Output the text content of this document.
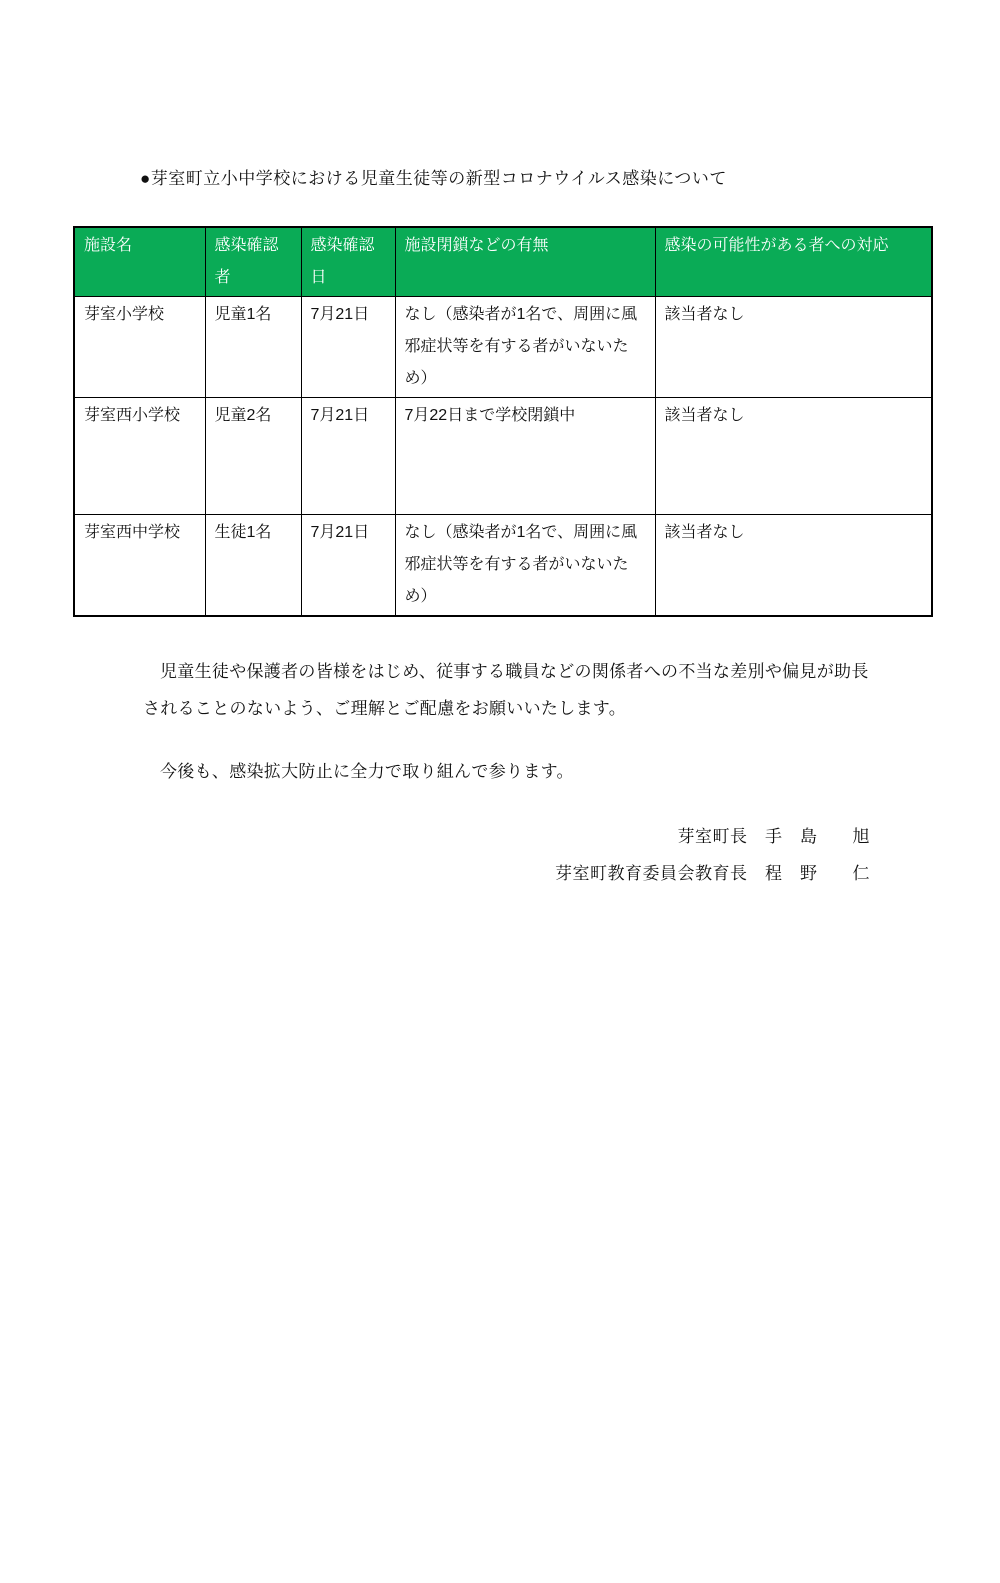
●芽室町立小中学校における児童生徒等の新型コロナウイルス感染について
施設名	感染確認者	感染確認日	施設閉鎖などの有無	感染の可能性がある者への対応
芽室小学校	児童1名	7月21日	なし（感染者が1名で、周囲に風邪症状等を有する者がいないため）	該当者なし
芽室西小学校	児童2名	7月21日	7月22日まで学校閉鎖中	該当者なし
芽室西中学校	生徒1名	7月21日	なし（感染者が1名で、周囲に風邪症状等を有する者がいないため）	該当者なし

児童生徒や保護者の皆様をはじめ、従事する職員などの関係者への不当な差別や偏見が助長されることのないよう、ご理解とご配慮をお願いいたします。

今後も、感染拡大防止に全力で取り組んで参ります。

芽室町長　手　島　　旭
芽室町教育委員会教育長　程　野　　仁
